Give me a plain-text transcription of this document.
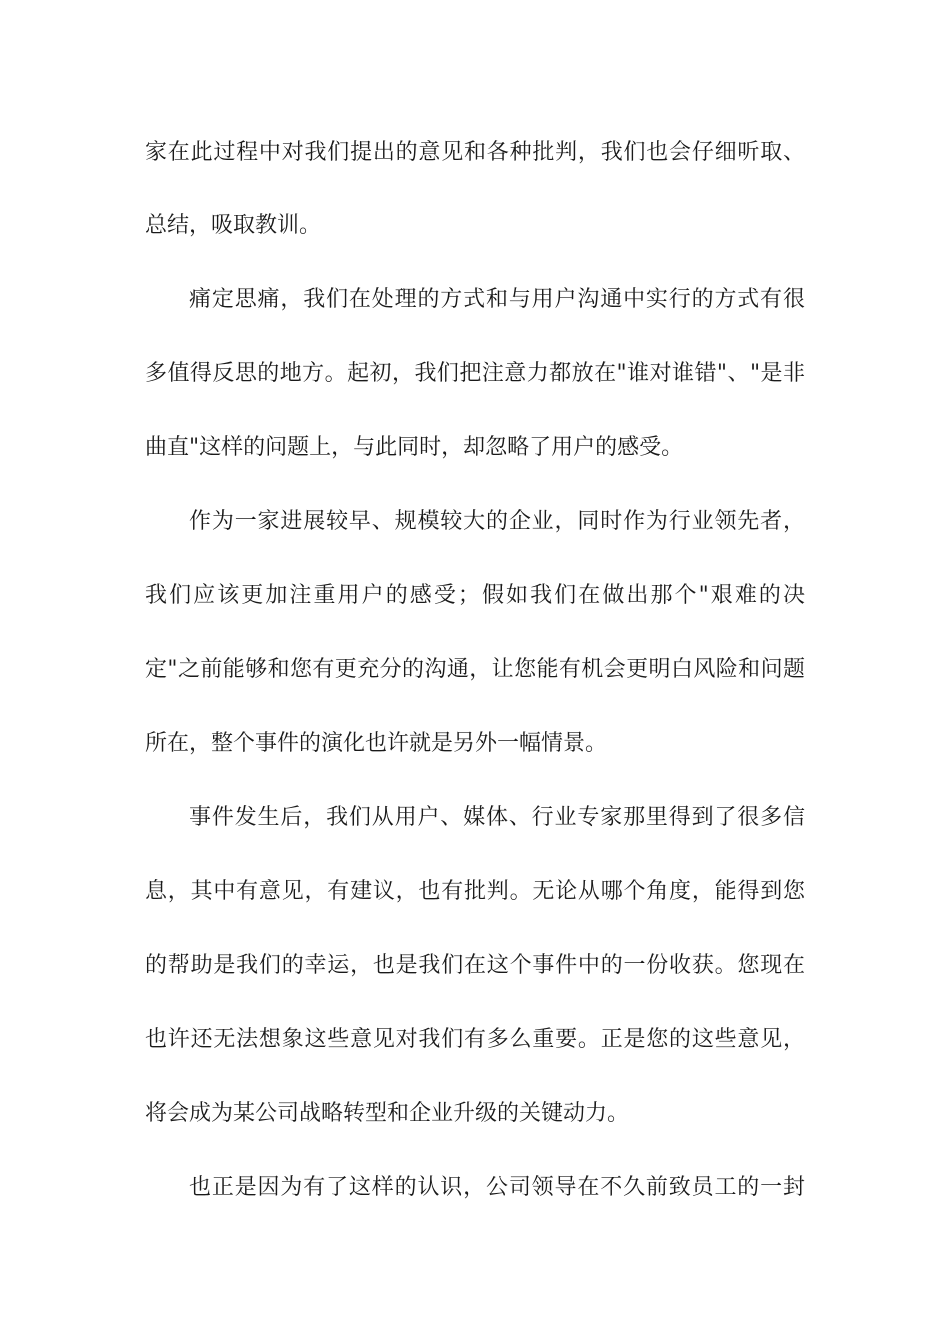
家在此过程中对我们提出的意见和各种批判，我们也会仔细听取、
总结，吸取教训。
痛定思痛，我们在处理的方式和与用户沟通中实行的方式有很
多值得反思的地方。起初，我们把注意力都放在"谁对谁错"、"是非
曲直"这样的问题上，与此同时，却忽略了用户的感受。
作为一家进展较早、规模较大的企业，同时作为行业领先者，
我们应该更加注重用户的感受；假如我们在做出那个"艰难的决
定"之前能够和您有更充分的沟通，让您能有机会更明白风险和问题
所在，整个事件的演化也许就是另外一幅情景。
事件发生后，我们从用户、媒体、行业专家那里得到了很多信
息，其中有意见，有建议，也有批判。无论从哪个角度，能得到您
的帮助是我们的幸运，也是我们在这个事件中的一份收获。您现在
也许还无法想象这些意见对我们有多么重要。正是您的这些意见，
将会成为某公司战略转型和企业升级的关键动力。
也正是因为有了这样的认识，公司领导在不久前致员工的一封
